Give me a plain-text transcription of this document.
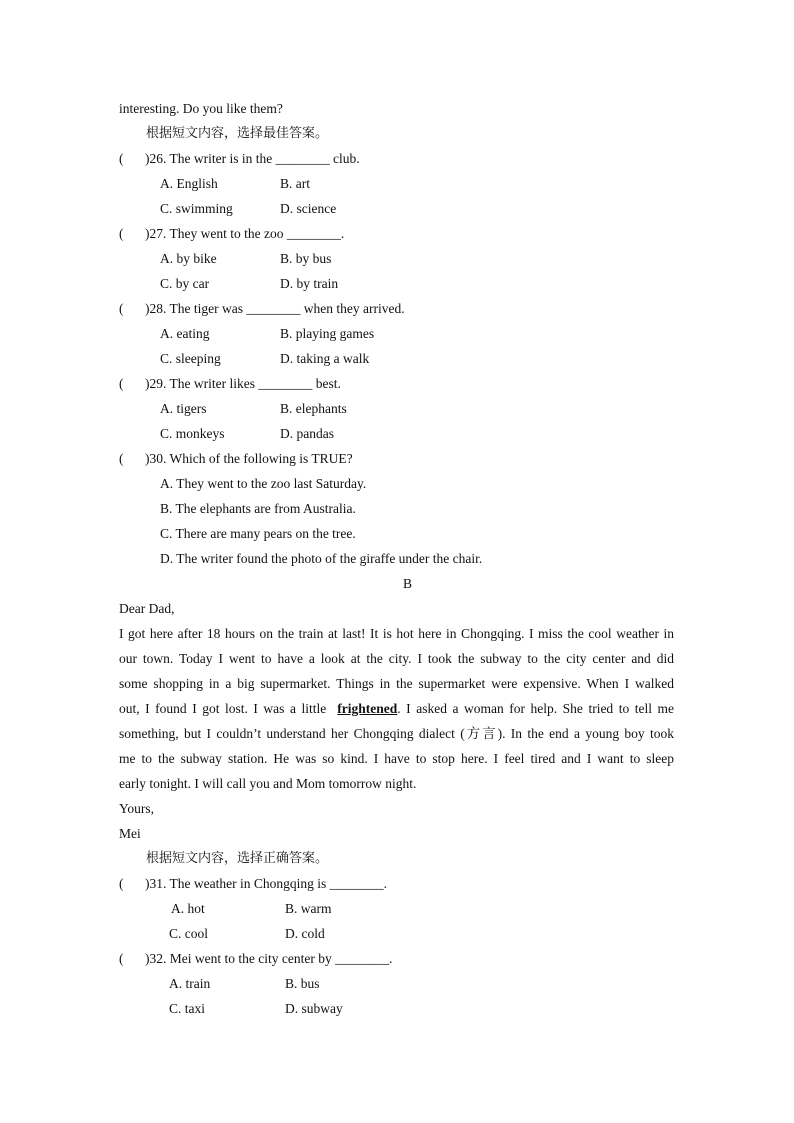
interesting. Do you like them?
根据短文内容，选择最佳答案。
( )26. The writer is in the ________ club.
A. English	B. art
C. swimming	D. science
( )27. They went to the zoo ________.
A. by bike	B. by bus
C. by car	D. by train
( )28. The tiger was ________ when they arrived.
A. eating	B. playing games
C. sleeping	D. taking a walk
( )29. The writer likes ________ best.
A. tigers	B. elephants
C. monkeys	D. pandas
( )30. Which of the following is TRUE?
A. They went to the zoo last Saturday.
B. The elephants are from Australia.
C. There are many pears on the tree.
D. The writer found the photo of the giraffe under the chair.
B
Dear Dad,
I got here after 18 hours on the train at last! It is hot here in Chongqing. I miss the cool weather in
our town. Today I went to have a look at the city. I took the subway to the city center and did
some shopping in a big supermarket. Things in the supermarket were expensive. When I walked
out, I found I got lost. I was a little frightened. I asked a woman for help. She tried to tell me
something, but I couldn’t understand her Chongqing dialect (方言). In the end a young boy took
me to the subway station. He was so kind. I have to stop here. I feel tired and I want to sleep
early tonight. I will call you and Mom tomorrow night.
Yours,
Mei
根据短文内容，选择正确答案。
( )31. The weather in Chongqing is ________.
A. hot	B. warm
C. cool	D. cold
( )32. Mei went to the city center by ________.
A. train	B. bus
C. taxi	D. subway
